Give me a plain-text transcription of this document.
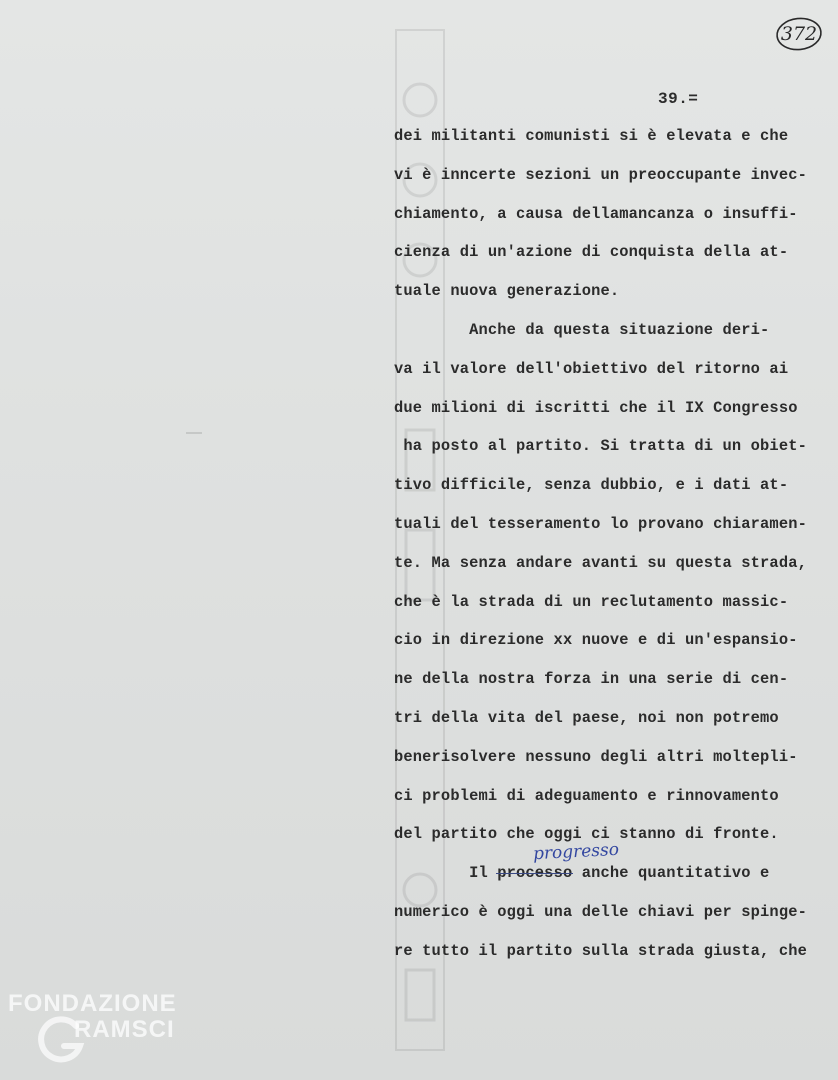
372
39.=
dei militanti comunisti si è elevata e che
vi è inncerte sezioni un preoccupante invec-
chiamento, a causa dellamancanza o insuffi-
cienza di un'azione di conquista della at-
tuale nuova generazione.
Anche da questa situazione deri-
va il valore dell'obiettivo del ritorno ai
due milioni di iscritti che il IX Congresso
ha posto al partito. Si tratta di un obiet-
tivo difficile, senza dubbio, e i dati at-
tuali del tesseramento lo provano chiaramen-
te. Ma senza andare avanti su questa strada,
che è la strada di un reclutamento massic-
cio in direzione xx nuove e di un'espansio-
ne della nostra forza in una serie di cen-
tri della vita del paese, noi non potremo
benerisolvere nessuno degli altri moltepli-
ci problemi di adeguamento e rinnovamento
del partito che oggi ci stanno di fronte.
Il processo anche quantitativo e
numerico è oggi una delle chiavi per spinge-
re tutto il partito sulla strada giusta, che
progresso
FONDAZIONE
RAMSCI
